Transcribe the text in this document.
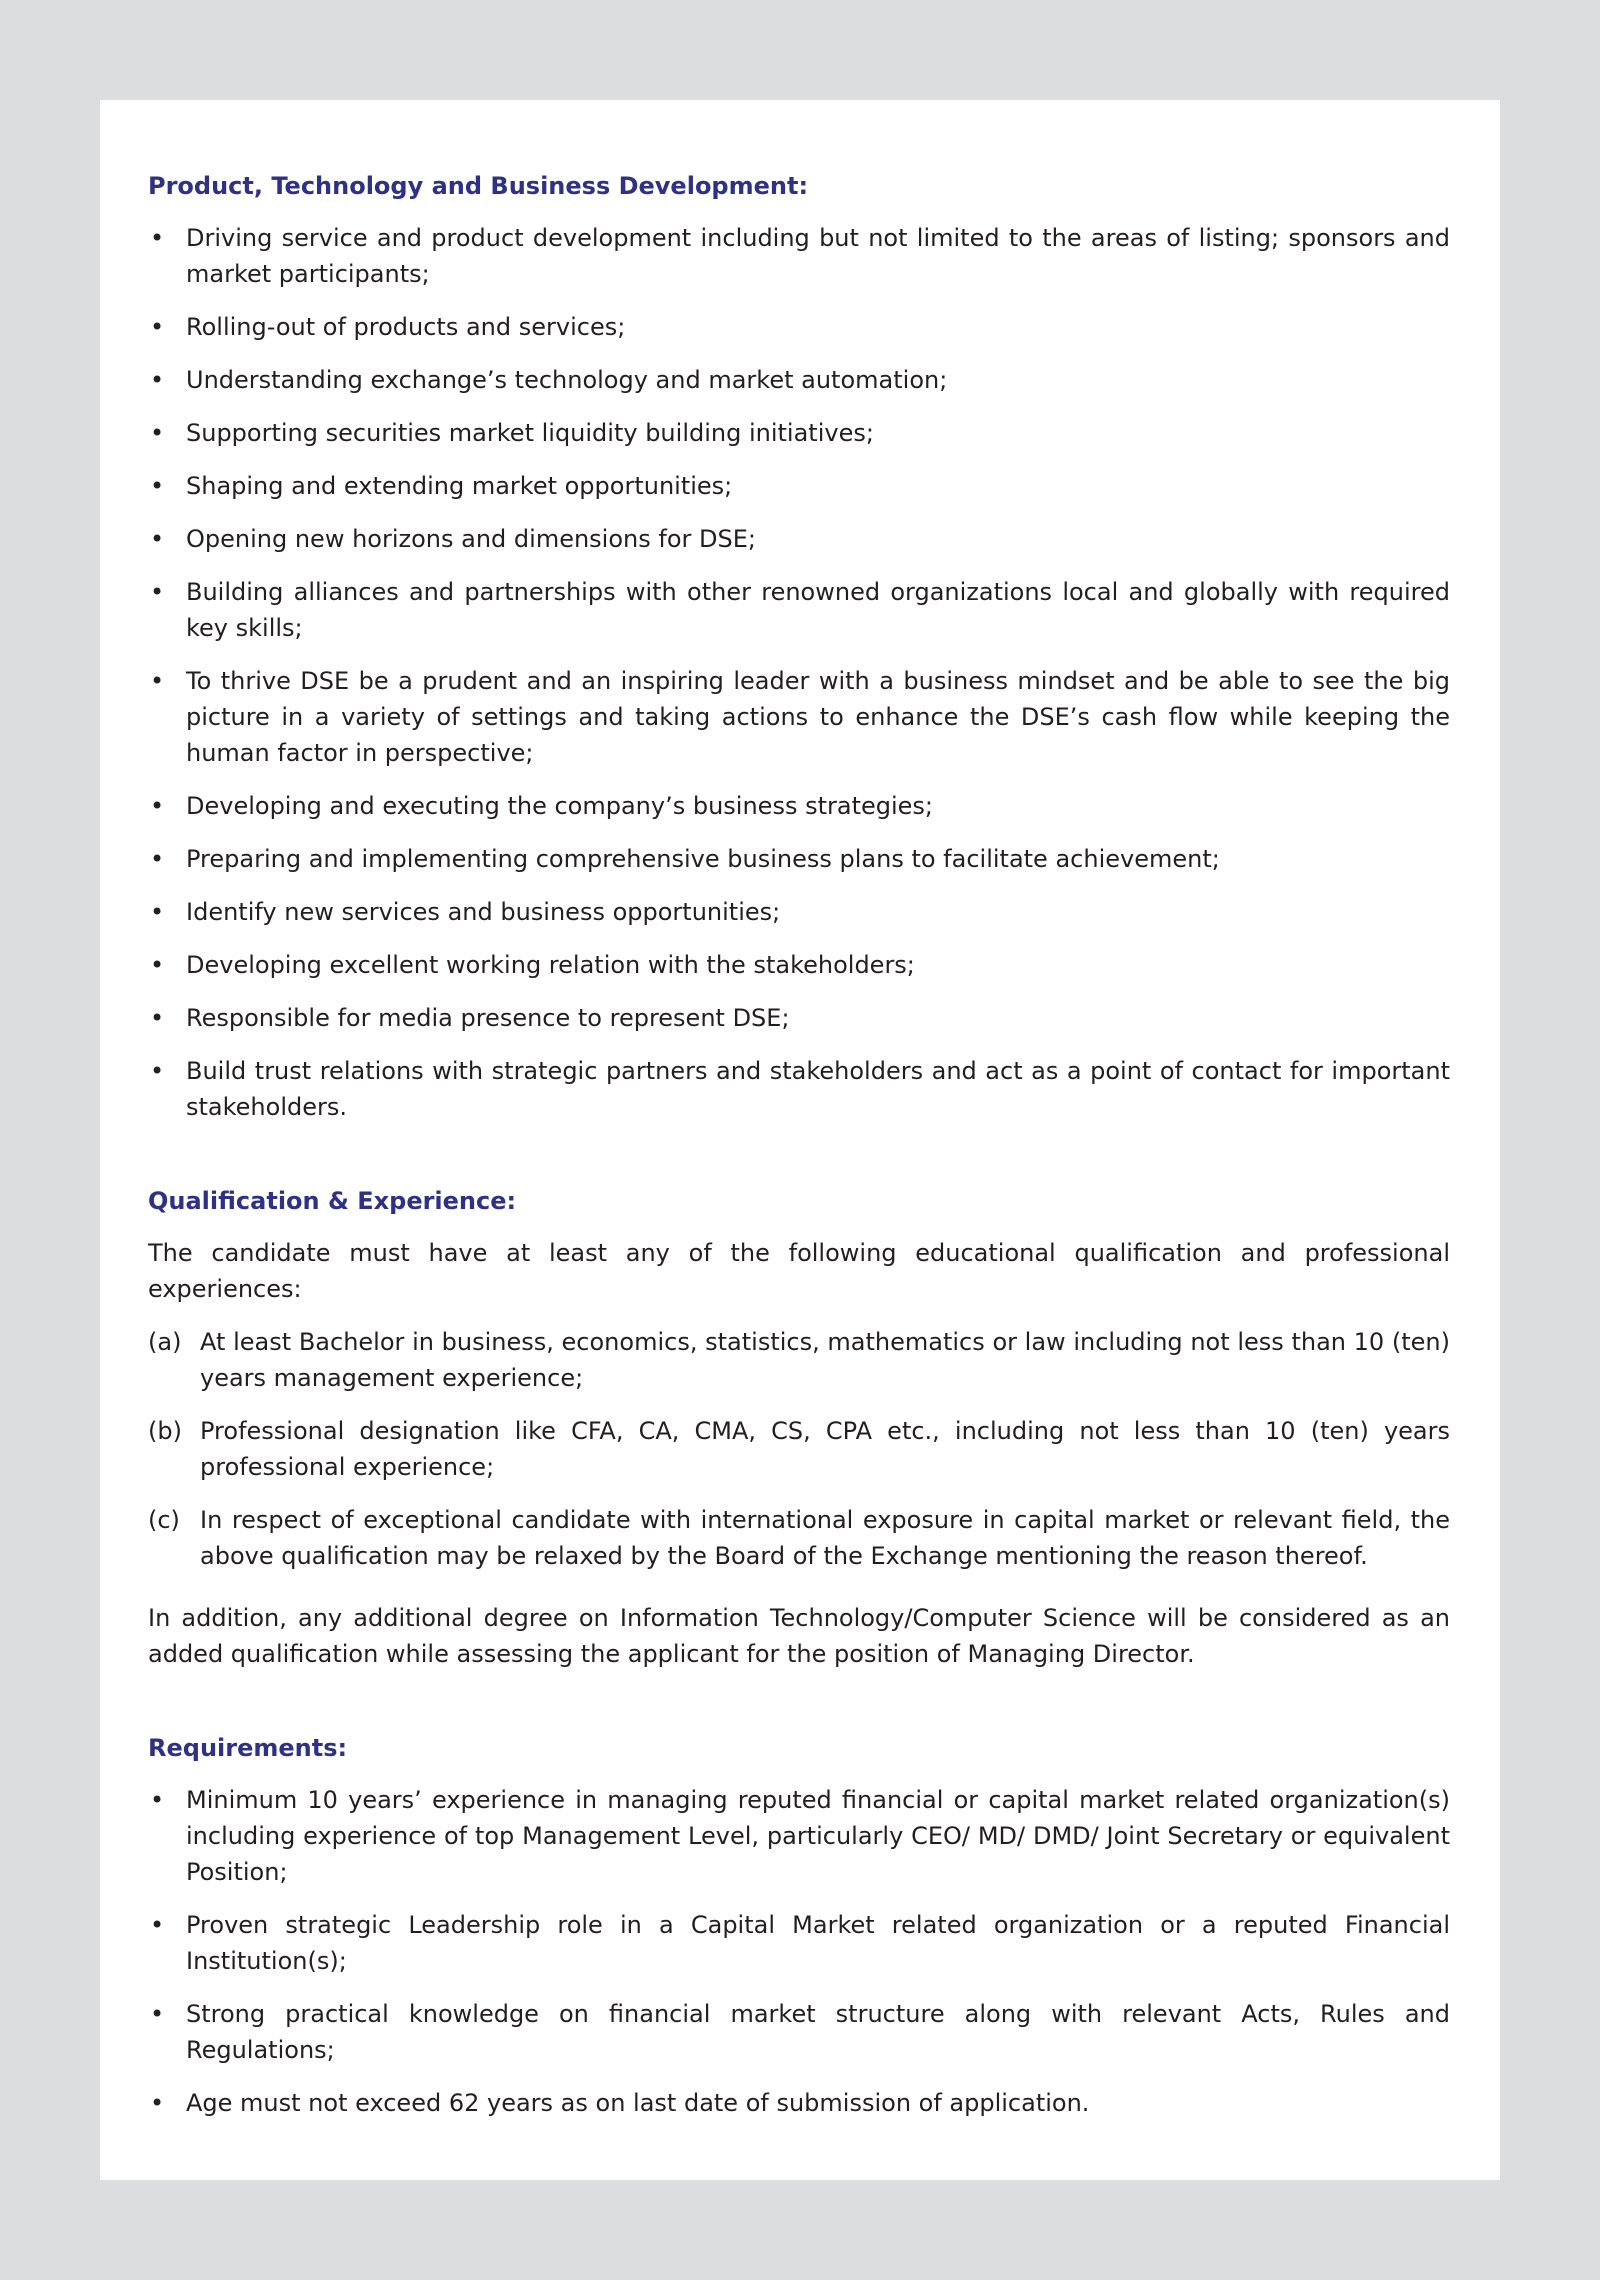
Product, Technology and Business Development:
• Driving service and product development including but not limited to the areas of listing; sponsors and market participants;
• Rolling-out of products and services;
• Understanding exchange’s technology and market automation;
• Supporting securities market liquidity building initiatives;
• Shaping and extending market opportunities;
• Opening new horizons and dimensions for DSE;
• Building alliances and partnerships with other renowned organizations local and globally with required key skills;
• To thrive DSE be a prudent and an inspiring leader with a business mindset and be able to see the big picture in a variety of settings and taking actions to enhance the DSE’s cash flow while keeping the human factor in perspective;
• Developing and executing the company’s business strategies;
• Preparing and implementing comprehensive business plans to facilitate achievement;
• Identify new services and business opportunities;
• Developing excellent working relation with the stakeholders;
• Responsible for media presence to represent DSE;
• Build trust relations with strategic partners and stakeholders and act as a point of contact for important stakeholders.
Qualification & Experience:

The candidate must have at least any of the following educational qualification and professional experiences:

(a) At least Bachelor in business, economics, statistics, mathematics or law including not less than 10 (ten) years management experience;
(b) Professional designation like CFA, CA, CMA, CS, CPA etc., including not less than 10 (ten) years professional experience;
(c) In respect of exceptional candidate with international exposure in capital market or relevant field, the above qualification may be relaxed by the Board of the Exchange mentioning the reason thereof.

In addition, any additional degree on Information Technology/Computer Science will be considered as an added qualification while assessing the applicant for the position of Managing Director.

Requirements:
• Minimum 10 years’ experience in managing reputed financial or capital market related organization(s) including experience of top Management Level, particularly CEO/ MD/ DMD/ Joint Secretary or equivalent Position;
• Proven strategic Leadership role in a Capital Market related organization or a reputed Financial Institution(s);
• Strong practical knowledge on financial market structure along with relevant Acts, Rules and Regulations;
• Age must not exceed 62 years as on last date of submission of application.
